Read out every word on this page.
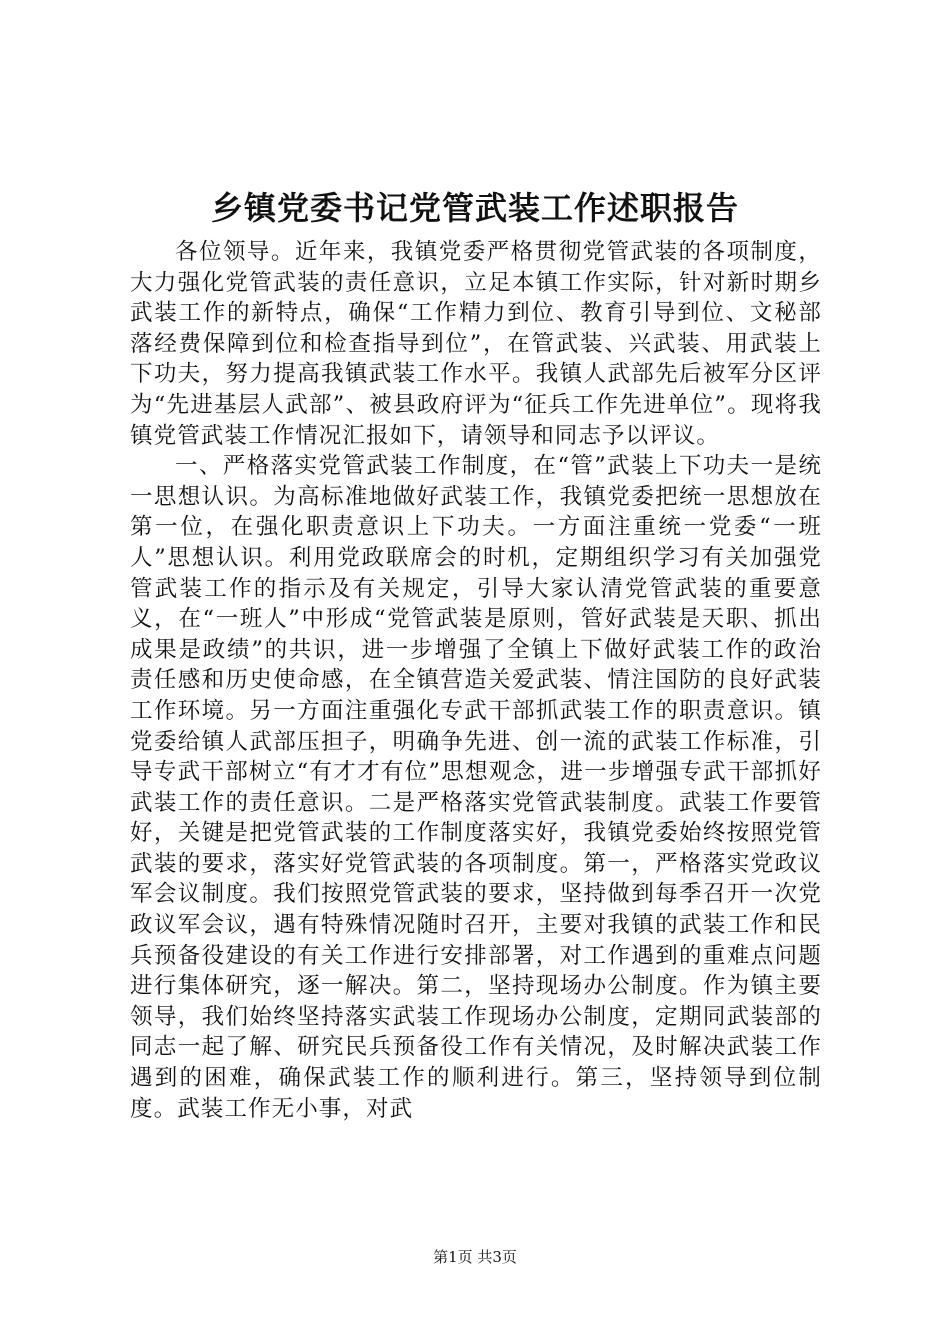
乡镇党委书记党管武装工作述职报告

各位领导。近年来，我镇党委严格贯彻党管武装的各项制度，大力强化党管武装的责任意识，立足本镇工作实际，针对新时期乡武装工作的新特点，确保“工作精力到位、教育引导到位、文秘部落经费保障到位和检查指导到位”，在管武装、兴武装、用武装上下功夫，努力提高我镇武装工作水平。我镇人武部先后被军分区评为“先进基层人武部”、被县政府评为“征兵工作先进单位”。现将我镇党管武装工作情况汇报如下，请领导和同志予以评议。

一、严格落实党管武装工作制度，在“管”武装上下功夫一是统一思想认识。为高标准地做好武装工作，我镇党委把统一思想放在第一位，在强化职责意识上下功夫。一方面注重统一党委“一班人”思想认识。利用党政联席会的时机，定期组织学习有关加强党管武装工作的指示及有关规定，引导大家认清党管武装的重要意义，在“一班人”中形成“党管武装是原则，管好武装是天职、抓出成果是政绩”的共识，进一步增强了全镇上下做好武装工作的政治责任感和历史使命感，在全镇营造关爱武装、情注国防的良好武装工作环境。另一方面注重强化专武干部抓武装工作的职责意识。镇党委给镇人武部压担子，明确争先进、创一流的武装工作标准，引导专武干部树立“有才才有位”思想观念，进一步增强专武干部抓好武装工作的责任意识。二是严格落实党管武装制度。武装工作要管好，关键是把党管武装的工作制度落实好，我镇党委始终按照党管武装的要求，落实好党管武装的各项制度。第一，严格落实党政议军会议制度。我们按照党管武装的要求，坚持做到每季召开一次党政议军会议，遇有特殊情况随时召开，主要对我镇的武装工作和民兵预备役建设的有关工作进行安排部署，对工作遇到的重难点问题进行集体研究，逐一解决。第二，坚持现场办公制度。作为镇主要领导，我们始终坚持落实武装工作现场办公制度，定期同武装部的同志一起了解、研究民兵预备役工作有关情况，及时解决武装工作遇到的困难，确保武装工作的顺利进行。第三，坚持领导到位制度。武装工作无小事，对武

第1页 共3页
